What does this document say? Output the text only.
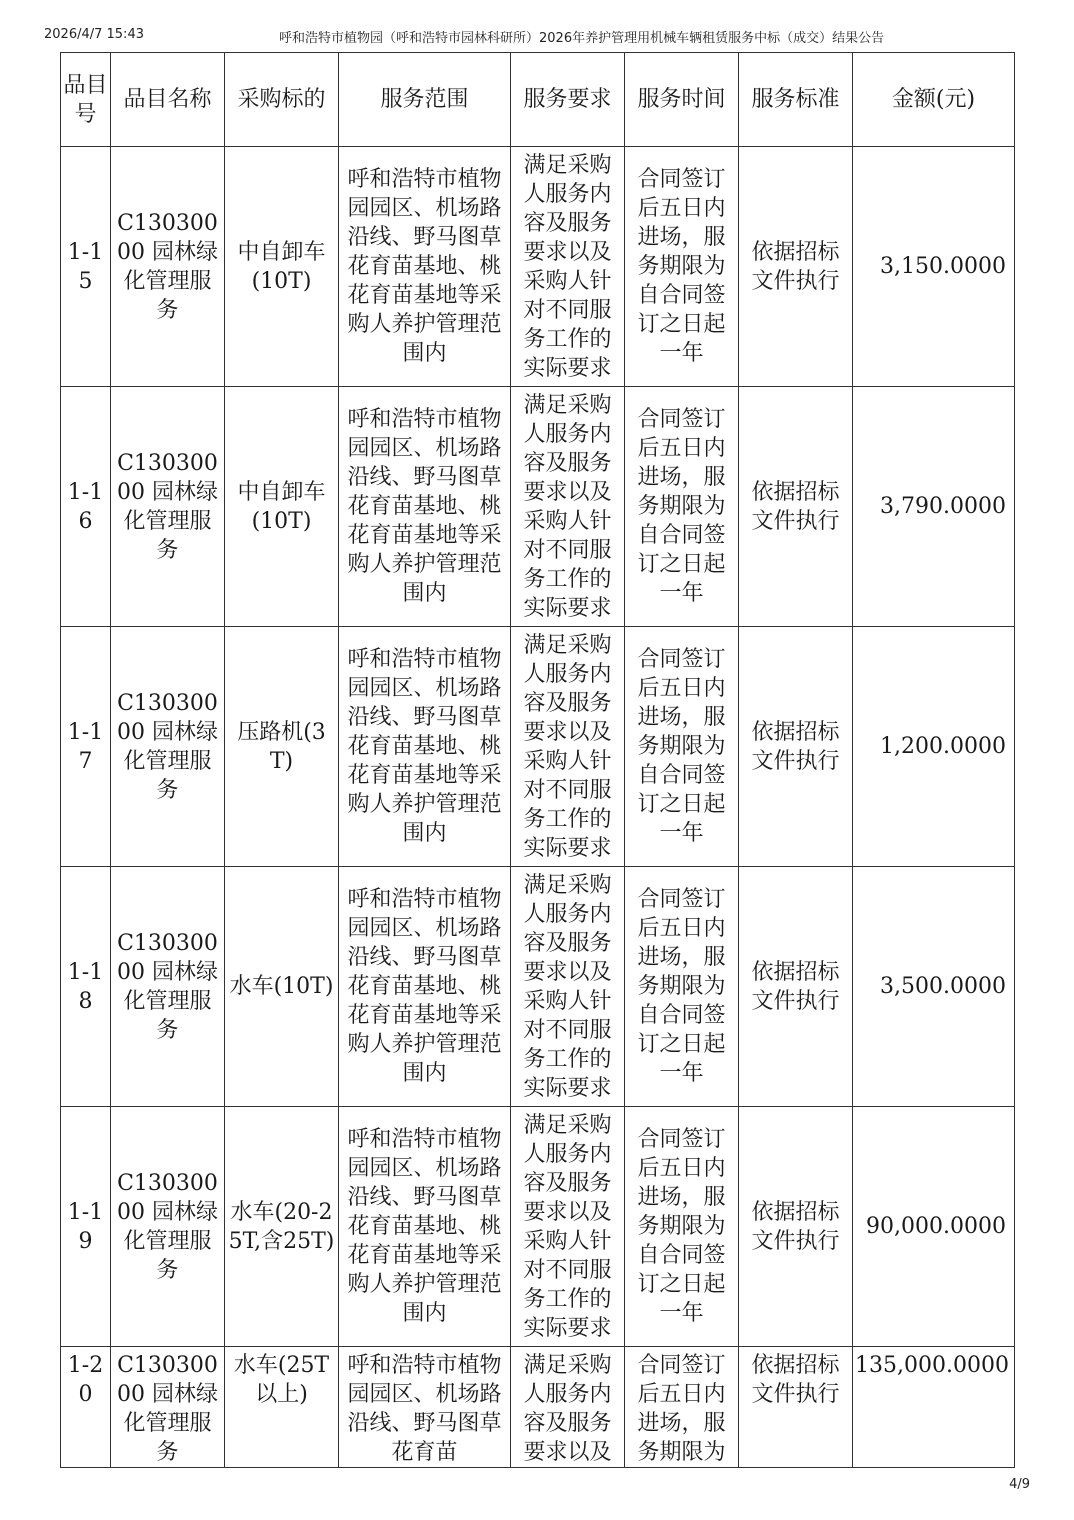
2026/4/7 15:43	呼和浩特市植物园（呼和浩特市园林科研所）2026年养护管理用机械车辆租赁服务中标（成交）结果公告
品目号	品目名称	采购标的	服务范围	服务要求	服务时间	服务标准	金额(元)
1-15	C13030000 园林绿化管理服务	中自卸车(10T)	呼和浩特市植物园园区、机场路沿线、野马图草花育苗基地、桃花育苗基地等采购人养护管理范围内	满足采购人服务内容及服务要求以及采购人针对不同服务工作的实际要求	合同签订后五日内进场，服务期限为自合同签订之日起一年	依据招标文件执行	3,150.0000
1-16	C13030000 园林绿化管理服务	中自卸车(10T)	呼和浩特市植物园园区、机场路沿线、野马图草花育苗基地、桃花育苗基地等采购人养护管理范围内	满足采购人服务内容及服务要求以及采购人针对不同服务工作的实际要求	合同签订后五日内进场，服务期限为自合同签订之日起一年	依据招标文件执行	3,790.0000
1-17	C13030000 园林绿化管理服务	压路机(3T)	呼和浩特市植物园园区、机场路沿线、野马图草花育苗基地、桃花育苗基地等采购人养护管理范围内	满足采购人服务内容及服务要求以及采购人针对不同服务工作的实际要求	合同签订后五日内进场，服务期限为自合同签订之日起一年	依据招标文件执行	1,200.0000
1-18	C13030000 园林绿化管理服务	水车(10T)	呼和浩特市植物园园区、机场路沿线、野马图草花育苗基地、桃花育苗基地等采购人养护管理范围内	满足采购人服务内容及服务要求以及采购人针对不同服务工作的实际要求	合同签订后五日内进场，服务期限为自合同签订之日起一年	依据招标文件执行	3,500.0000
1-19	C13030000 园林绿化管理服务	水车(20-25T,含25T)	呼和浩特市植物园园区、机场路沿线、野马图草花育苗基地、桃花育苗基地等采购人养护管理范围内	满足采购人服务内容及服务要求以及采购人针对不同服务工作的实际要求	合同签订后五日内进场，服务期限为自合同签订之日起一年	依据招标文件执行	90,000.0000
1-20	C13030000 园林绿化管理服务	水车(25T以上)	呼和浩特市植物园园区、机场路沿线、野马图草花育苗	满足采购人服务内容及服务要求以及	合同签订后五日内进场，服务期限为	依据招标文件执行	135,000.0000
4/9
